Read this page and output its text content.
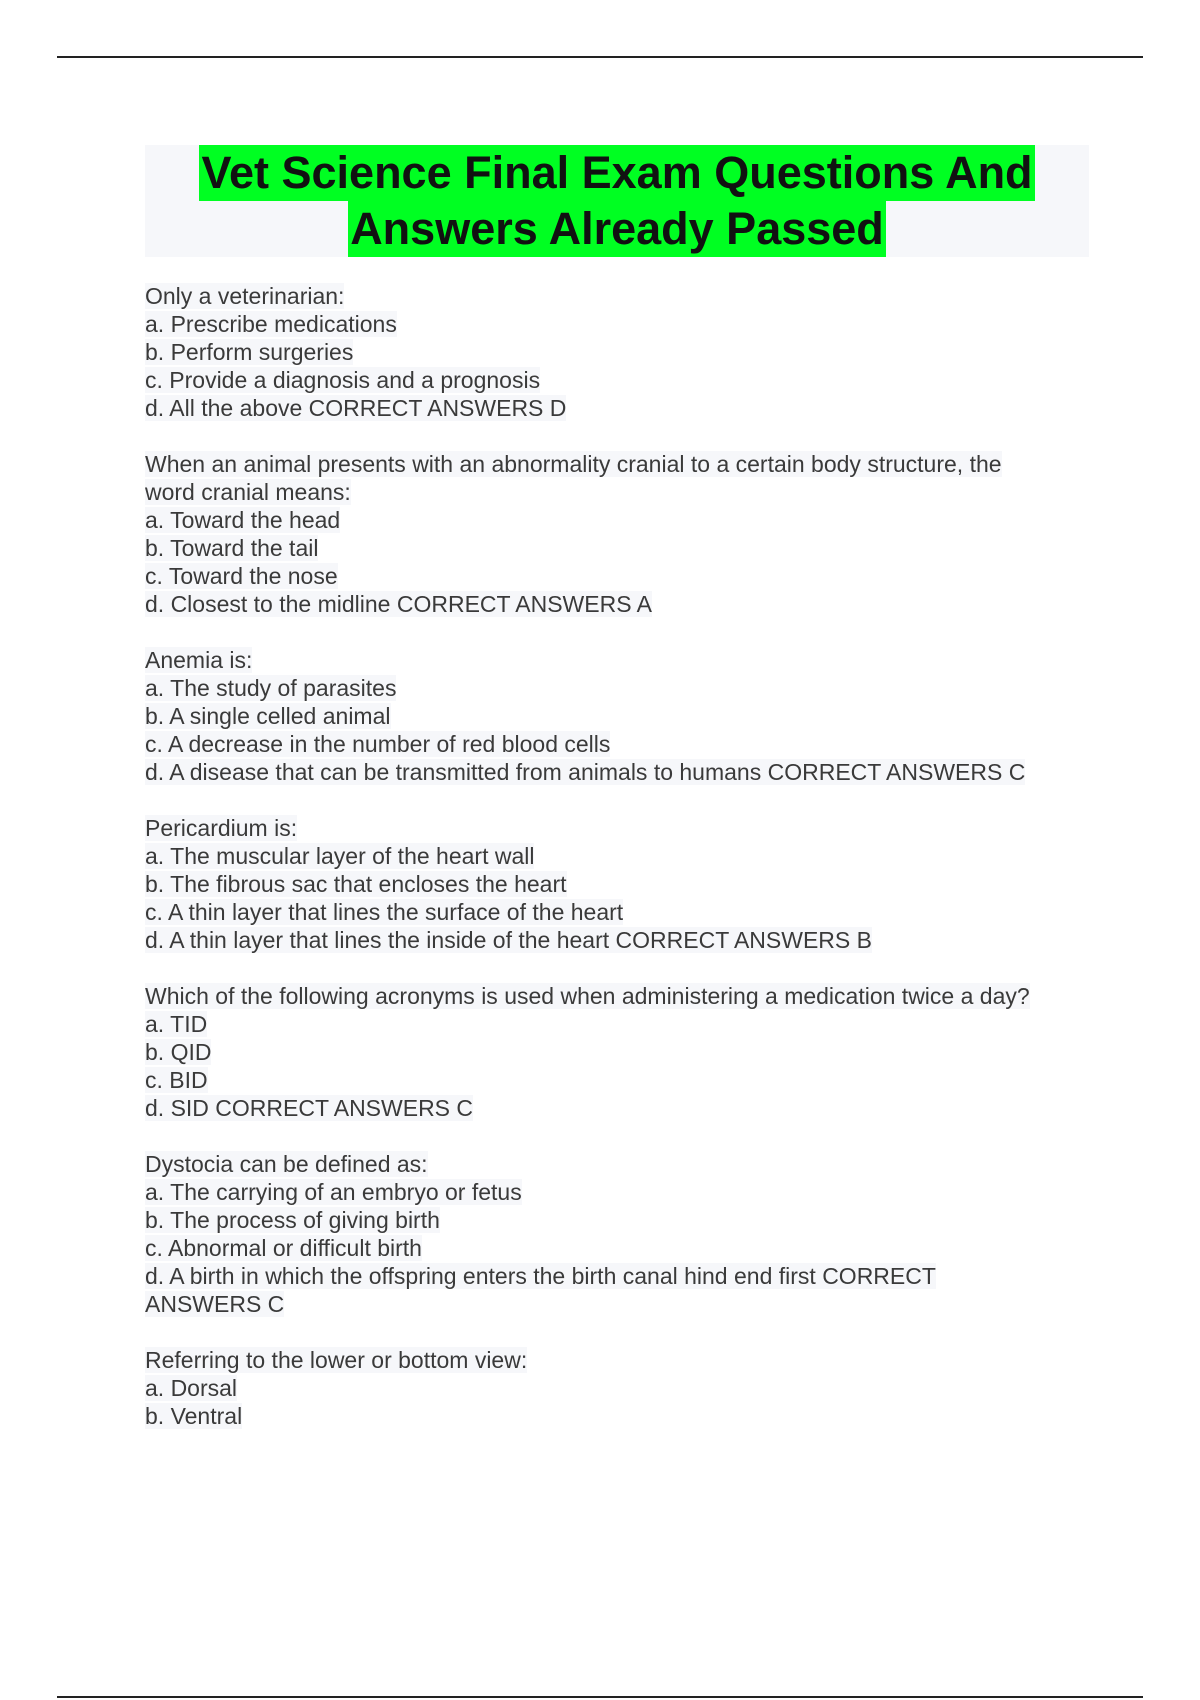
Vet Science Final Exam Questions And
Answers Already Passed

Only a veterinarian:

a. Prescribe medications

b. Perform surgeries

c. Provide a diagnosis and a prognosis

d. All the above CORRECT ANSWERS D

When an animal presents with an abnormality cranial to a certain body structure, the

word cranial means:

a. Toward the head

b. Toward the tail

c. Toward the nose

d. Closest to the midline CORRECT ANSWERS A

Anemia is:

a. The study of parasites

b. A single celled animal

c. A decrease in the number of red blood cells

d. A disease that can be transmitted from animals to humans CORRECT ANSWERS C

Pericardium is:

a. The muscular layer of the heart wall

b. The fibrous sac that encloses the heart

c. A thin layer that lines the surface of the heart

d. A thin layer that lines the inside of the heart CORRECT ANSWERS B

Which of the following acronyms is used when administering a medication twice a day?

a. TID

b. QID

c. BID

d. SID CORRECT ANSWERS C

Dystocia can be defined as:

a. The carrying of an embryo or fetus

b. The process of giving birth

c. Abnormal or difficult birth

d. A birth in which the offspring enters the birth canal hind end first CORRECT

ANSWERS C

Referring to the lower or bottom view:

a. Dorsal

b. Ventral
